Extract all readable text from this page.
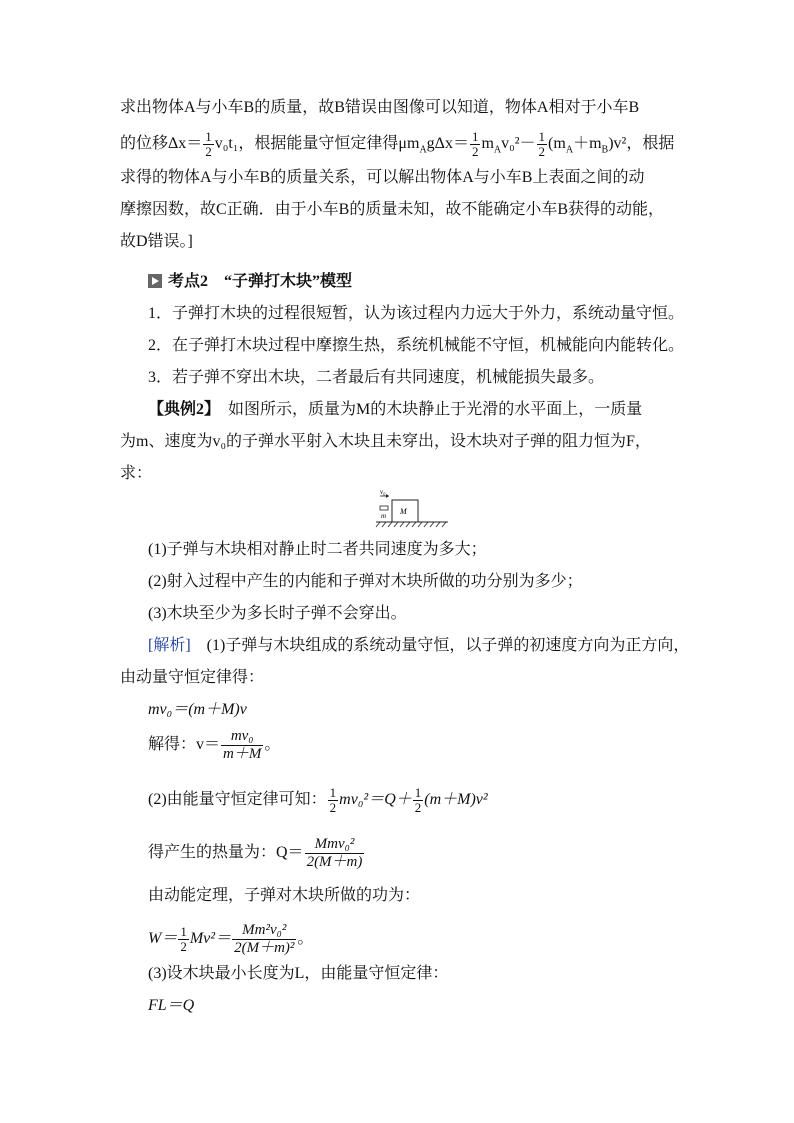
求出物体A与小车B的质量，故B错误由图像可以知道，物体A相对于小车B
的位移$\Delta x= \frac{1}{2} v_0t_1$，根据能量守恒定律得$\mu m_Ag\Delta x= \frac{1}{2} m_Av_0^2- \frac{1}{2} (m_A+m_B)v^2$，根据
求得的物体A与小车B的质量关系，可以解出物体A与小车B上表面之间的动
摩擦因数，故C正确．由于小车B的质量未知，故不能确定小车B获得的动能，
故D错误。]
考点2　“子弹打木块”模型
1．子弹打木块的过程很短暂，认为该过程内力远大于外力，系统动量守恒。
2．在子弹打木块过程中摩擦生热，系统机械能不守恒，机械能向内能转化。
3．若子弹不穿出木块，二者最后有共同速度，机械能损失最多。
【典例2】　如图所示，质量为M的木块静止于光滑的水平面上，一质量
为m、速度为v₀的子弹水平射入木块且未穿出，设木块对子弹的阻力恒为F，
求：
v₀
m M
(1)子弹与木块相对静止时二者共同速度为多大；
(2)射入过程中产生的内能和子弹对木块所做的功分别为多少；
(3)木块至少为多长时子弹不会穿出。
[解析]　(1)子弹与木块组成的系统动量守恒，以子弹的初速度方向为正方向，
由动量守恒定律得：
mv₀＝(m＋M)v
解得：$v= \frac{\text{mv₀}}{m+M}$ 。
(2)由能量守恒定律可知： $\frac{1}{2} mv_0^2=Q+ \frac{1}{2} (m+M)v^2$
得产生的热量为：$Q= \frac{\text{Mmv₀²}}{2(M+m)}$
由动能定理，子弹对木块所做的功为：
$W= \frac{1}{2} Mv^2= \frac{\text{Mm²v₀²}}{\text{2(M＋m)²}}$ 。
(3)设木块最小长度为L，由能量守恒定律：
FL＝Q
